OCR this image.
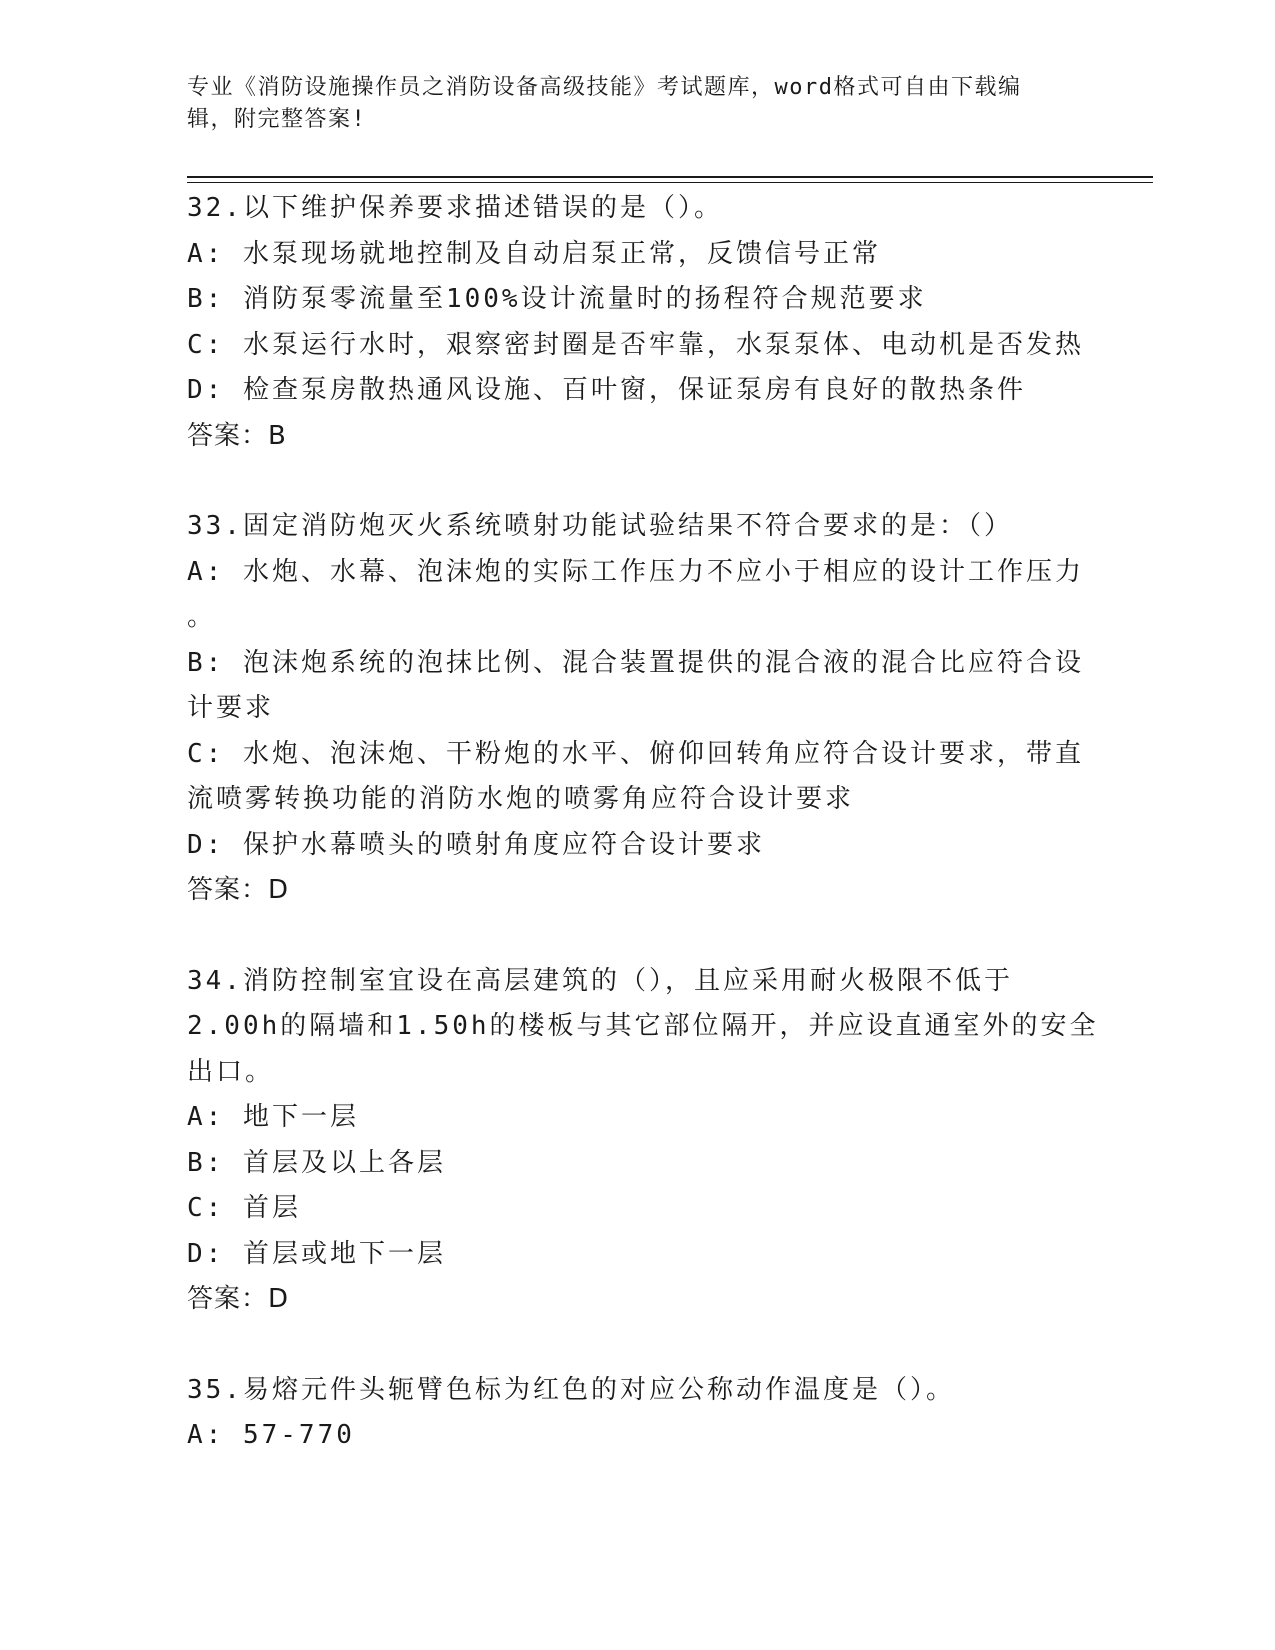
专业《消防设施操作员之消防设备高级技能》考试题库，word格式可自由下载编
辑，附完整答案!
32.以下维护保养要求描述错误的是（）。
A: 水泵现场就地控制及自动启泵正常，反馈信号正常
B: 消防泵零流量至100%设计流量时的扬程符合规范要求
C: 水泵运行水时，艰察密封圈是否牢靠，水泵泵体、电动机是否发热
D: 检查泵房散热通风设施、百叶窗，保证泵房有良好的散热条件
答案：B
33.固定消防炮灭火系统喷射功能试验结果不符合要求的是：（）
A: 水炮、水幕、泡沫炮的实际工作压力不应小于相应的设计工作压力
。
B: 泡沫炮系统的泡抹比例、混合装置提供的混合液的混合比应符合设
计要求
C: 水炮、泡沫炮、干粉炮的水平、俯仰回转角应符合设计要求，带直
流喷雾转换功能的消防水炮的喷雾角应符合设计要求
D: 保护水幕喷头的喷射角度应符合设计要求
答案：D
34.消防控制室宜设在高层建筑的（），且应采用耐火极限不低于
2.00h的隔墙和1.50h的楼板与其它部位隔开，并应设直通室外的安全
出口。
A: 地下一层
B: 首层及以上各层
C: 首层
D: 首层或地下一层
答案：D
35.易熔元件头轭臂色标为红色的对应公称动作温度是（）。
A: 57-770
